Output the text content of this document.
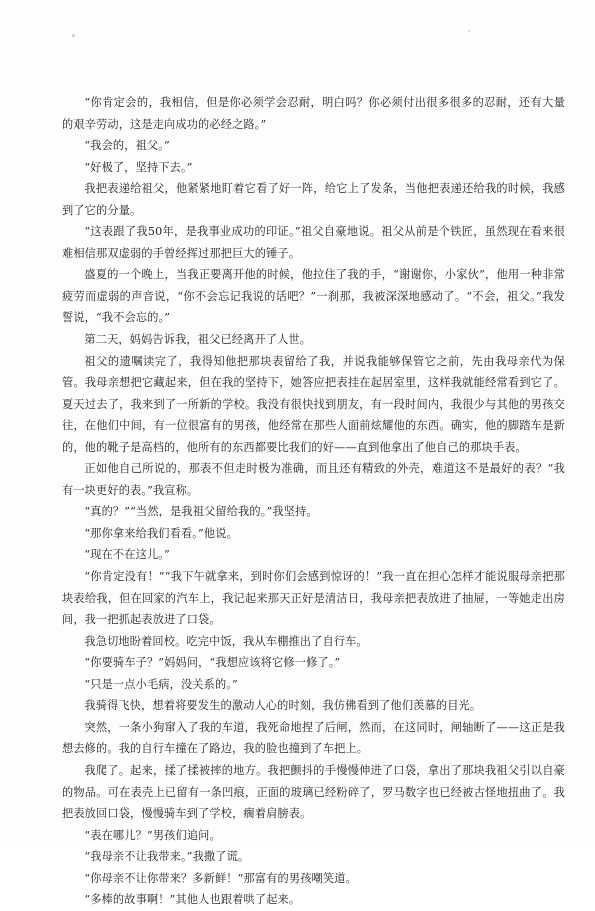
“你肯定会的，我相信，但是你必须学会忍耐，明白吗？你必须付出很多很多的忍耐，还有大量的艰辛劳动，这是走向成功的必经之路。”

“我会的，祖父。”

“好极了，坚持下去。”

我把表递给祖父，他紧紧地盯着它看了好一阵，给它上了发条，当他把表递还给我的时候，我感到了它的分量。

“这表跟了我50年，是我事业成功的印证。”祖父自豪地说。祖父从前是个铁匠，虽然现在看来很难相信那双虚弱的手曾经挥过那把巨大的锤子。

盛夏的一个晚上，当我正要离开他的时候，他拉住了我的手，“谢谢你，小家伙”，他用一种非常疲劳而虚弱的声音说，“你不会忘记我说的话吧？”一刹那，我被深深地感动了。“不会，祖父。”我发誓说，“我不会忘的。”

第二天，妈妈告诉我，祖父已经离开了人世。

祖父的遗嘱读完了，我得知他把那块表留给了我，并说我能够保管它之前，先由我母亲代为保管。我母亲想把它藏起来，但在我的坚持下，她答应把表挂在起居室里，这样我就能经常看到它了。夏天过去了，我来到了一所新的学校。我没有很快找到朋友，有一段时间内，我很少与其他的男孩交往，在他们中间，有一位很富有的男孩，他经常在那些人面前炫耀他的东西。确实，他的脚踏车是新的，他的靴子是高档的，他所有的东西都要比我们的好——直到他拿出了他自己的那块手表。

正如他自己所说的，那表不但走时极为准确，而且还有精致的外壳，难道这不是最好的表？“我有一块更好的表。”我宣称。

“真的？”“当然，是我祖父留给我的。”我坚持。

“那你拿来给我们看看。”他说。

“现在不在这儿。”

“你肯定没有！”“我下午就拿来，到时你们会感到惊讶的！”我一直在担心怎样才能说服母亲把那块表给我，但在回家的汽车上，我记起来那天正好是清洁日，我母亲把表放进了抽屉，一等她走出房间，我一把抓起表放进了口袋。

我急切地盼着回校。吃完中饭，我从车棚推出了自行车。

“你要骑车子？”妈妈问，“我想应该将它修一修了。”

“只是一点小毛病，没关系的。”

我骑得飞快，想着将要发生的激动人心的时刻，我仿佛看到了他们羡慕的目光。

突然，一条小狗窜入了我的车道，我死命地捏了后闸，然而，在这同时，闸轴断了——这正是我想去修的。我的自行车撞在了路边，我的脸也撞到了车把上。

我爬了。起来，揉了揉被摔的地方。我把颤抖的手慢慢伸进了口袋，拿出了那块我祖父引以自豪的物品。可在表壳上已留有一条凹痕，正面的玻璃已经粉碎了，罗马数字也已经被古怪地扭曲了。我把表放回口袋，慢慢骑车到了学校，瘸着肩膀表。

“表在哪儿？”男孩们追问。

“我母亲不让我带来。”我撒了谎。

“你母亲不让你带来？多新鲜！”那富有的男孩嘲笑道。

“多棒的故事啊！”其他人也跟着哄了起来。
